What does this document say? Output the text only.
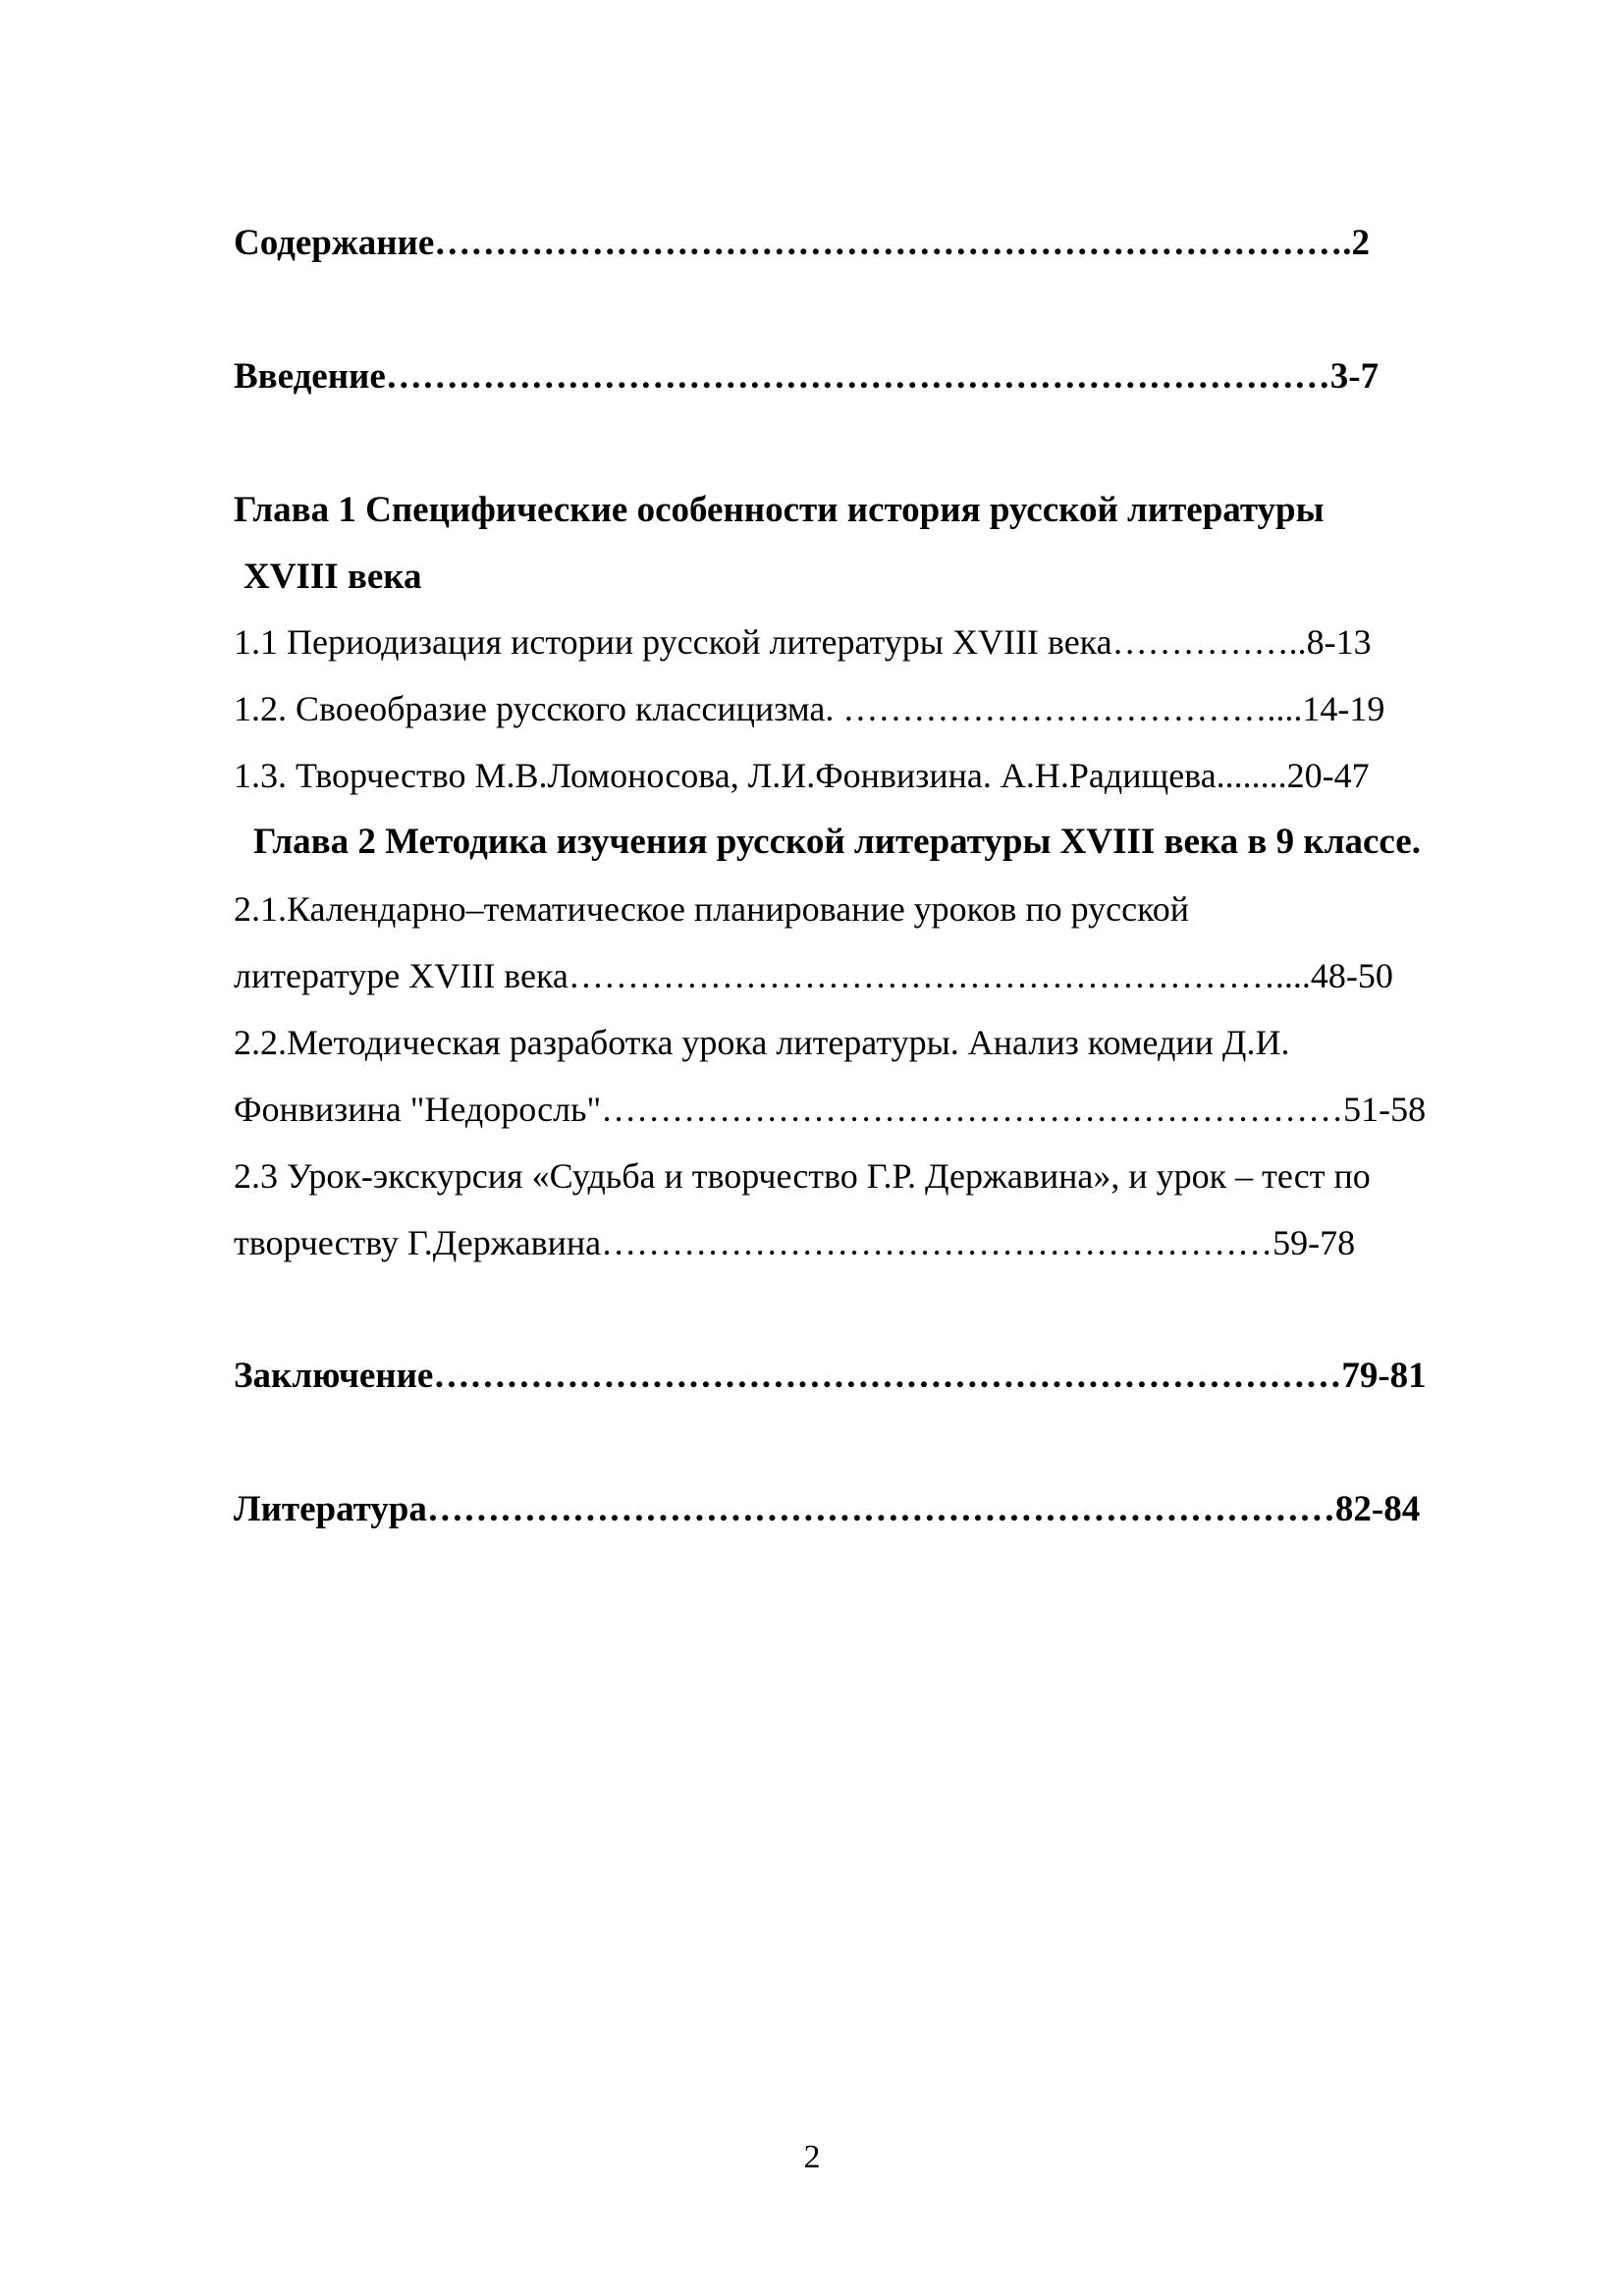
Содержание………………………………………………………………….2
Введение……………………………………………………………………3-7
Глава 1 Специфические особенности история русской литературы
XVIII века
1.1 Периодизация истории русской литературы XVIII века……………..8-13
1.2. Своеобразие русского классицизма. ………………………………....14-19
1.3. Творчество М.В.Ломоносова, Л.И.Фонвизина. А.Н.Радищева........20-47
Глава 2 Методика изучения русской литературы XVIII века в 9 классе.
2.1.Календарно–тематическое планирование уроков по русской
литературе XVIII века……………………………………………………....48-50
2.2.Методическая разработка урока литературы. Анализ комедии Д.И.
Фонвизина "Недоросль"………………………………………………………51-58
2.3 Урок-экскурсия «Судьба и творчество Г.Р. Державина», и урок – тест по
творчеству Г.Державина…………………………………………………59-78
Заключение…………………………………………………………………79-81
Литература…………………………………………………………………82-84
2
